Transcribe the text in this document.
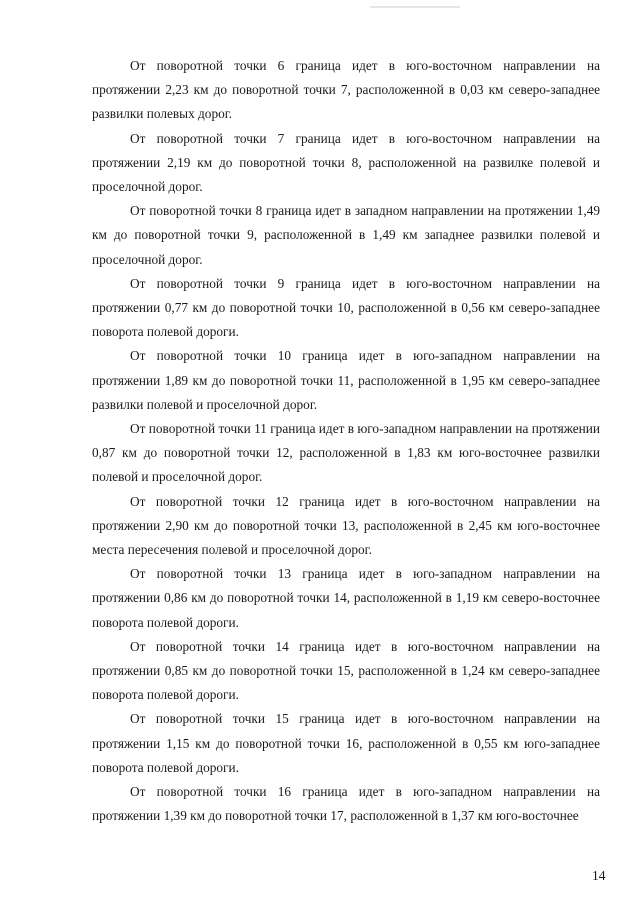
От поворотной точки 6 граница идет в юго-восточном направлении на протяжении 2,23 км до поворотной точки 7, расположенной в 0,03 км северо-западнее развилки полевых дорог.

От поворотной точки 7 граница идет в юго-восточном направлении на протяжении 2,19 км до поворотной точки 8, расположенной на развилке полевой и проселочной дорог.

От поворотной точки 8 граница идет в западном направлении на протяжении 1,49 км до поворотной точки 9, расположенной в 1,49 км западнее развилки полевой и проселочной дорог.

От поворотной точки 9 граница идет в юго-восточном направлении на протяжении 0,77 км до поворотной точки 10, расположенной в 0,56 км северо-западнее поворота полевой дороги.

От поворотной точки 10 граница идет в юго-западном направлении на протяжении 1,89 км до поворотной точки 11, расположенной в 1,95 км северо-западнее развилки полевой и проселочной дорог.

От поворотной точки 11 граница идет в юго-западном направлении на протяжении 0,87 км до поворотной точки 12, расположенной в 1,83 км юго-восточнее развилки полевой и проселочной дорог.

От поворотной точки 12 граница идет в юго-восточном направлении на протяжении 2,90 км до поворотной точки 13, расположенной в 2,45 км юго-восточнее места пересечения полевой и проселочной дорог.

От поворотной точки 13 граница идет в юго-западном направлении на протяжении 0,86 км до поворотной точки 14, расположенной в 1,19 км северо-восточнее поворота полевой дороги.

От поворотной точки 14 граница идет в юго-восточном направлении на протяжении 0,85 км до поворотной точки 15, расположенной в 1,24 км северо-западнее поворота полевой дороги.

От поворотной точки 15 граница идет в юго-восточном направлении на протяжении 1,15 км до поворотной точки 16, расположенной в 0,55 км юго-западнее поворота полевой дороги.

От поворотной точки 16 граница идет в юго-западном направлении на протяжении 1,39 км до поворотной точки 17, расположенной в 1,37 км юго-восточнее

14
